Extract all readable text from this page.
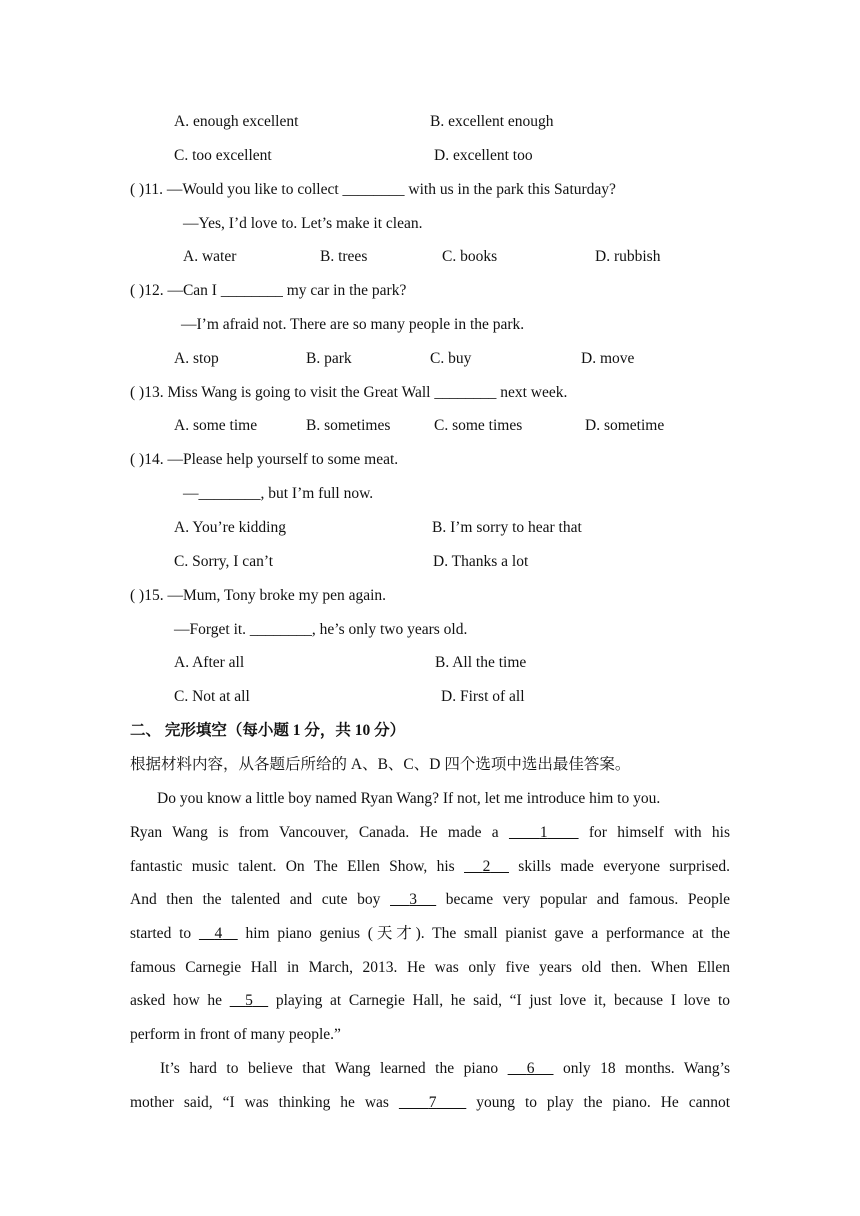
A. enough excellent	B. excellent enough
C. too excellent	D. excellent too
( )11. —Would you like to collect ________ with us in the park this Saturday?
—Yes, I’d love to. Let’s make it clean.
A. water	B. trees	C. books	D. rubbish
( )12. —Can I ________ my car in the park?
—I’m afraid not. There are so many people in the park.
A. stop	B. park	C. buy	D. move
( )13. Miss Wang is going to visit the Great Wall ________ next week.
A. some time	B. sometimes	C. some times	D. sometime
( )14. —Please help yourself to some meat.
—________, but I’m full now.
A. You’re kidding	B. I’m sorry to hear that
C. Sorry, I can’t	D. Thanks a lot
( )15. —Mum, Tony broke my pen again.
—Forget it. ________, he’s only two years old.
A. After all	B. All the time
C. Not at all	D. First of all
二、 完形填空（每小题 1 分，共 10 分）
根据材料内容，从各题后所给的 A、B、C、D 四个选项中选出最佳答案。
Do you know a little boy named Ryan Wang? If not, let me introduce him to you.
Ryan Wang is from Vancouver, Canada. He made a	1	for himself with his
fantastic music talent. On The Ellen Show, his 2 skills made everyone surprised.
And then the talented and cute boy 3 became very popular and famous. People
started to 4 him piano genius (天才). The small pianist gave a performance at the
famous Carnegie Hall in March, 2013. He was only five years old then. When Ellen
asked how he 5 playing at Carnegie Hall, he said, “I just love it, because I love to
perform in front of many people.”
It’s hard to believe that Wang learned the piano 6 only 18 months. Wang’s
mother said, “I was thinking he was	7	young to play the piano. He cannot
